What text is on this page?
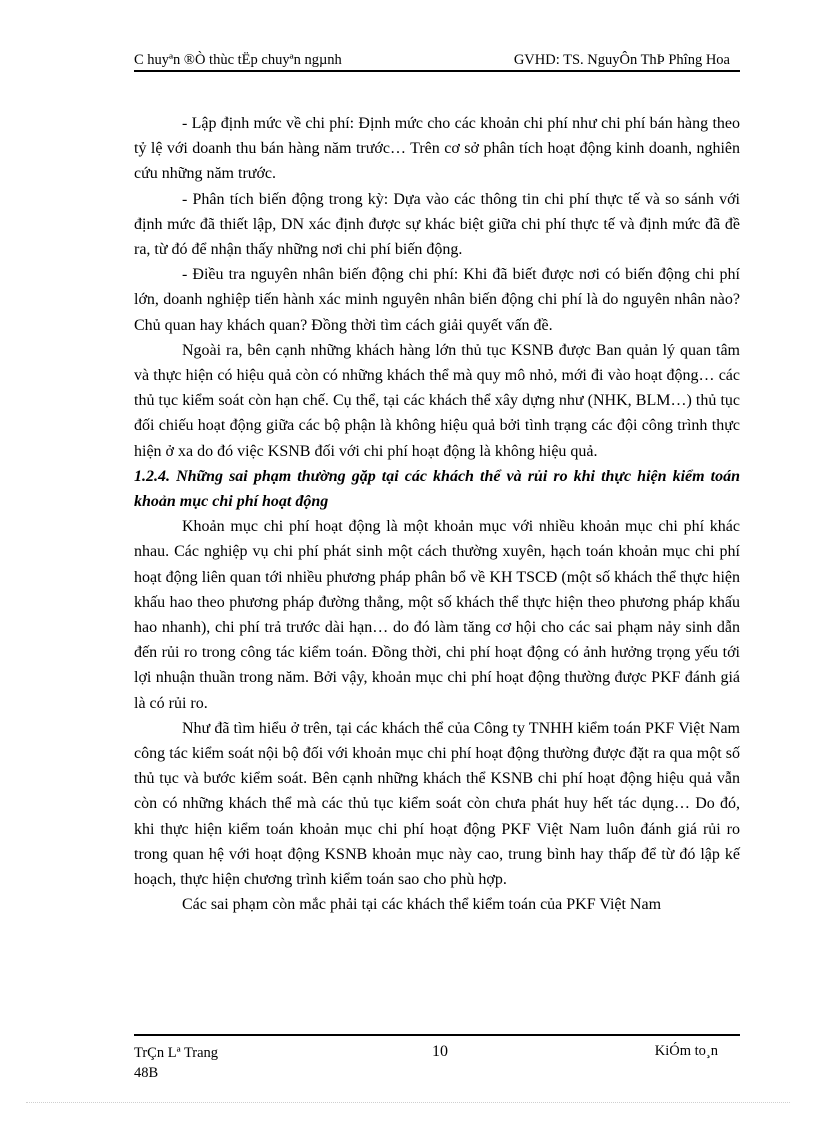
C huyªn ®Ò thùc tËp chuyªn ngµnh	GVHD: TS. NguyÔn ThÞ Phîng Hoa

- Lập định mức về chi phí: Định mức cho các khoản chi phí như chi phí bán hàng theo tỷ lệ với doanh thu bán hàng năm trước… Trên cơ sở phân tích hoạt động kinh doanh, nghiên cứu những năm trước.

- Phân tích biến động trong kỳ: Dựa vào các thông tin chi phí thực tế và so sánh với định mức đã thiết lập, DN xác định được sự khác biệt giữa chi phí thực tế và định mức đã đề ra, từ đó để nhận thấy những nơi chi phí biến động.

- Điều tra nguyên nhân biến động chi phí: Khi đã biết được nơi có biến động chi phí lớn, doanh nghiệp tiến hành xác minh nguyên nhân biến động chi phí là do nguyên nhân nào? Chủ quan hay khách quan? Đồng thời tìm cách giải quyết vấn đề.

Ngoài ra, bên cạnh những khách hàng lớn thủ tục KSNB được Ban quản lý quan tâm và thực hiện có hiệu quả còn có những khách thể mà quy mô nhỏ, mới đi vào hoạt động… các thủ tục kiểm soát còn hạn chế. Cụ thể, tại các khách thể xây dựng như (NHK, BLM…) thủ tục đối chiếu hoạt động giữa các bộ phận là không hiệu quả bởi tình trạng các đội công trình thực hiện ở xa do đó việc KSNB đối với chi phí hoạt động là không hiệu quả.

1.2.4. Những sai phạm thường gặp tại các khách thể và rủi ro khi thực hiện kiểm toán khoản mục chi phí hoạt động

Khoản mục chi phí hoạt động là một khoản mục với nhiều khoản mục chi phí khác nhau. Các nghiệp vụ chi phí phát sinh một cách thường xuyên, hạch toán khoản mục chi phí hoạt động liên quan tới nhiều phương pháp phân bổ về KH TSCĐ (một số khách thể thực hiện khấu hao theo phương pháp đường thẳng, một số khách thể thực hiện theo phương pháp khấu hao nhanh), chi phí trả trước dài hạn… do đó làm tăng cơ hội cho các sai phạm nảy sinh dẫn đến rủi ro trong công tác kiểm toán. Đồng thời, chi phí hoạt động có ảnh hưởng trọng yếu tới lợi nhuận thuần trong năm. Bởi vậy, khoản mục chi phí hoạt động thường được PKF đánh giá là có rủi ro.

Như đã tìm hiểu ở trên, tại các khách thể của Công ty TNHH kiểm toán PKF Việt Nam công tác kiểm soát nội bộ đối với khoản mục chi phí hoạt động thường được đặt ra qua một số thủ tục và bước kiểm soát. Bên cạnh những khách thể KSNB chi phí hoạt động hiệu quả vẫn còn có những khách thể mà các thủ tục kiểm soát còn chưa phát huy hết tác dụng… Do đó, khi thực hiện kiểm toán khoản mục chi phí hoạt động PKF Việt Nam luôn đánh giá rủi ro trong quan hệ với hoạt động KSNB khoản mục này cao, trung bình hay thấp để từ đó lập kế hoạch, thực hiện chương trình kiểm toán sao cho phù hợp.

Các sai phạm còn mắc phải tại các khách thể kiểm toán của PKF Việt Nam

TrÇn Lª Trang
48B
10	KiÓm to¸n
